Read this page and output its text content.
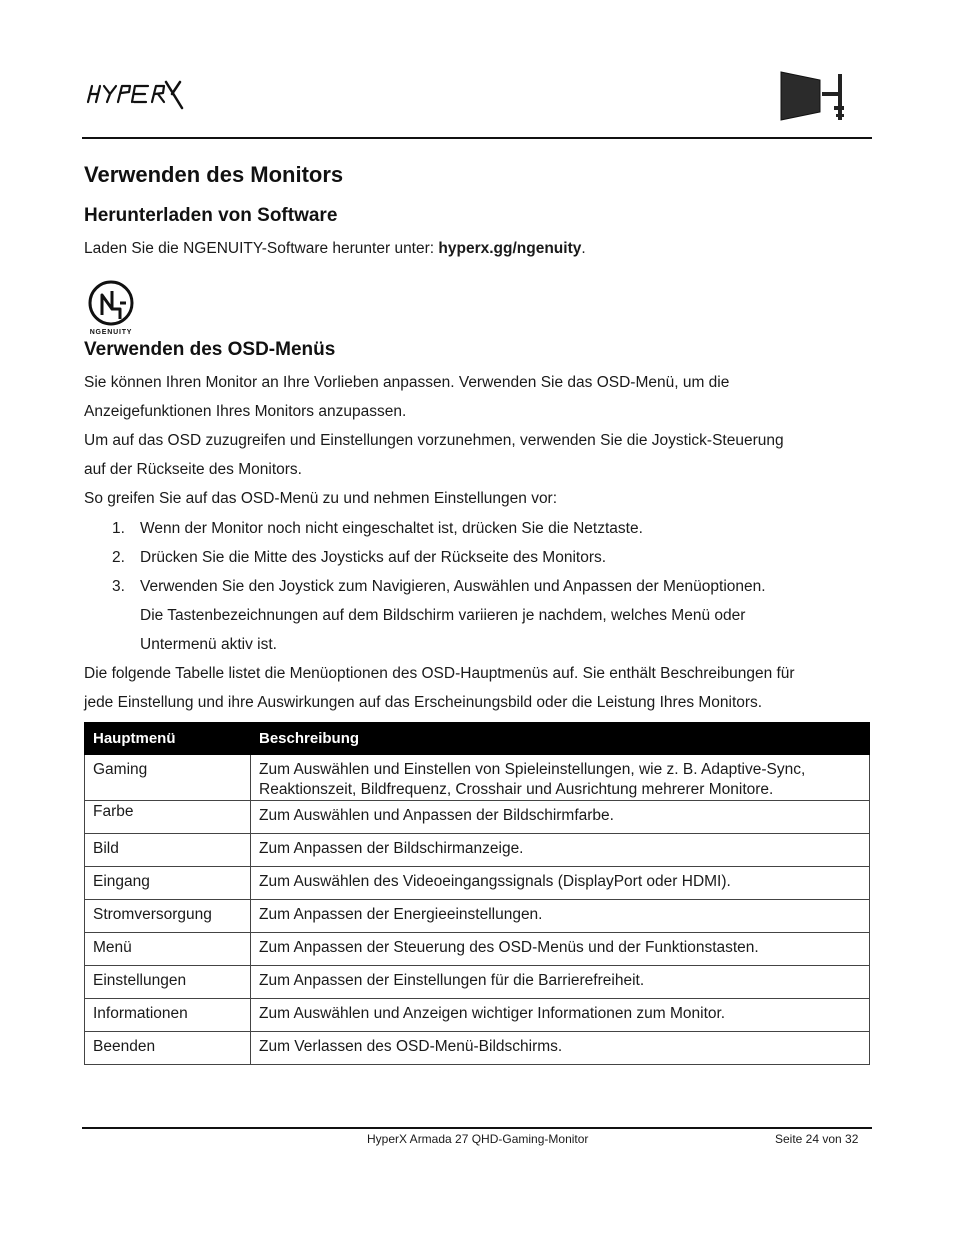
Verwenden des Monitors
Herunterladen von Software

Laden Sie die NGENUITY-Software herunter unter: hyperx.gg/ngenuity.

NGENUITY
Verwenden des OSD-Menüs

Sie können Ihren Monitor an Ihre Vorlieben anpassen. Verwenden Sie das OSD-Menü, um die
Anzeigefunktionen Ihres Monitors anzupassen.

Um auf das OSD zuzugreifen und Einstellungen vorzunehmen, verwenden Sie die Joystick-Steuerung
auf der Rückseite des Monitors.

So greifen Sie auf das OSD-Menü zu und nehmen Einstellungen vor:

1. Wenn der Monitor noch nicht eingeschaltet ist, drücken Sie die Netztaste.
2. Drücken Sie die Mitte des Joysticks auf der Rückseite des Monitors.
3. Verwenden Sie den Joystick zum Navigieren, Auswählen und Anpassen der Menüoptionen.
Die Tastenbezeichnungen auf dem Bildschirm variieren je nachdem, welches Menü oder
Untermenü aktiv ist.

Die folgende Tabelle listet die Menüoptionen des OSD-Hauptmenüs auf. Sie enthält Beschreibungen für
jede Einstellung und ihre Auswirkungen auf das Erscheinungsbild oder die Leistung Ihres Monitors.

Hauptmenü	Beschreibung
Gaming	Zum Auswählen und Einstellen von Spieleinstellungen, wie z. B. Adaptive-Sync,
Reaktionszeit, Bildfrequenz, Crosshair und Ausrichtung mehrerer Monitore.
Farbe	Zum Auswählen und Anpassen der Bildschirmfarbe.
Bild	Zum Anpassen der Bildschirmanzeige.
Eingang	Zum Auswählen des Videoeingangssignals (DisplayPort oder HDMI).
Stromversorgung	Zum Anpassen der Energieeinstellungen.
Menü	Zum Anpassen der Steuerung des OSD-Menüs und der Funktionstasten.
Einstellungen	Zum Anpassen der Einstellungen für die Barrierefreiheit.
Informationen	Zum Auswählen und Anzeigen wichtiger Informationen zum Monitor.
Beenden	Zum Verlassen des OSD-Menü-Bildschirms.
HyperX Armada 27 QHD-Gaming-Monitor	Seite 24 von 32
